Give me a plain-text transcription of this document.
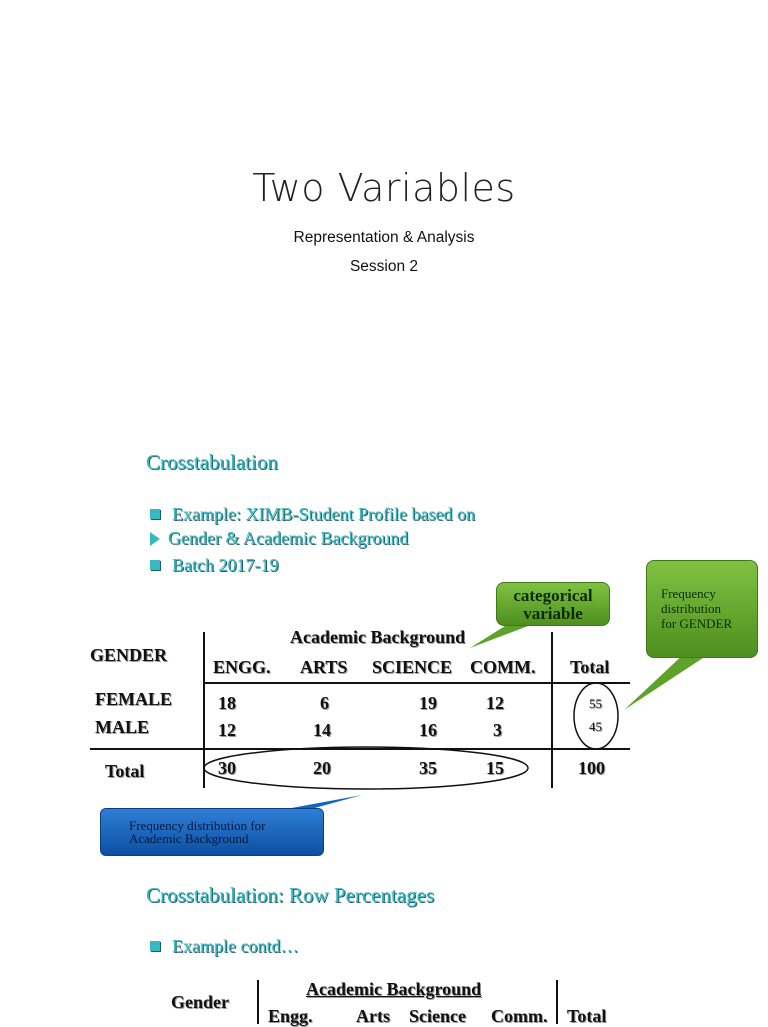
Two Variables
Representation & Analysis
Session 2
Crosstabulation
Example: XIMB-Student Profile based on
Gender & Academic Background
Batch 2017-19
categorical
variable
Frequency
distribution
for GENDER
GENDER
Academic Background
ENGG. ARTS SCIENCE COMM. Total
FEMALE	18	6	19	12	55
MALE	12	14	16	3	45
Total	30	20	35	15	100
Frequency distribution for
Academic Background
Crosstabulation: Row Percentages
Example contd…
Gender
Academic Background
Engg. Arts Science Comm. Total
